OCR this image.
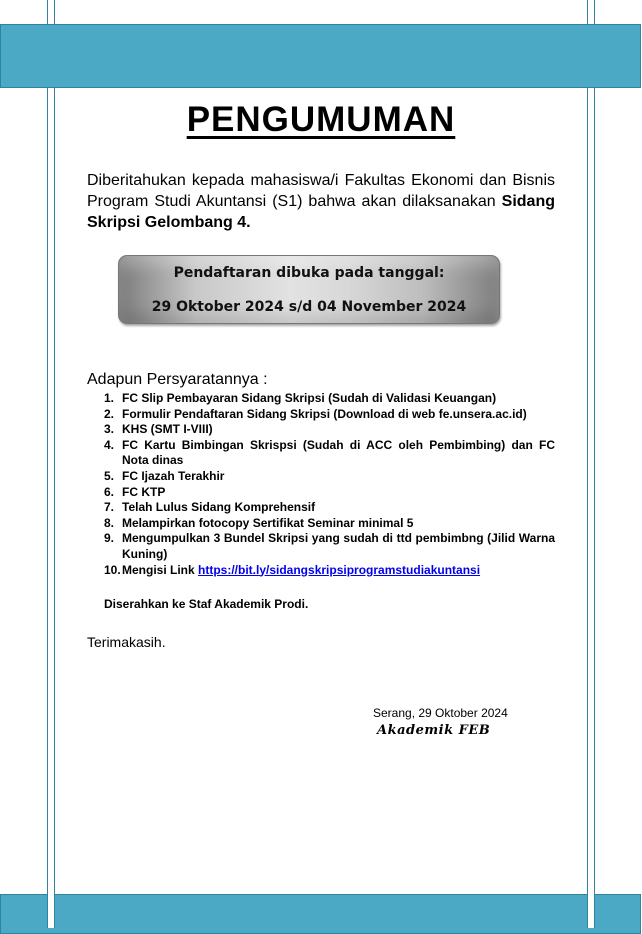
PENGUMUMAN
Diberitahukan kepada mahasiswa/i Fakultas Ekonomi dan Bisnis Program Studi Akuntansi (S1) bahwa akan dilaksanakan Sidang Skripsi Gelombang 4.
Pendaftaran dibuka pada tanggal:
29 Oktober 2024 s/d 04 November 2024
Adapun Persyaratannya :
1. FC Slip Pembayaran Sidang Skripsi (Sudah di Validasi Keuangan)
2. Formulir Pendaftaran Sidang Skripsi (Download di web fe.unsera.ac.id)
3. KHS (SMT I-VIII)
4. FC Kartu Bimbingan Skrispsi (Sudah di ACC oleh Pembimbing) dan FC Nota dinas
5. FC Ijazah Terakhir
6. FC KTP
7. Telah Lulus Sidang Komprehensif
8. Melampirkan fotocopy Sertifikat Seminar minimal 5
9. Mengumpulkan 3 Bundel Skripsi yang sudah di ttd pembimbng (Jilid Warna Kuning)
10. Mengisi Link https://bit.ly/sidangskripsiprogramstudiakuntansi
Diserahkan ke Staf Akademik Prodi.
Terimakasih.
Serang, 29 Oktober 2024
Akademik FEB
